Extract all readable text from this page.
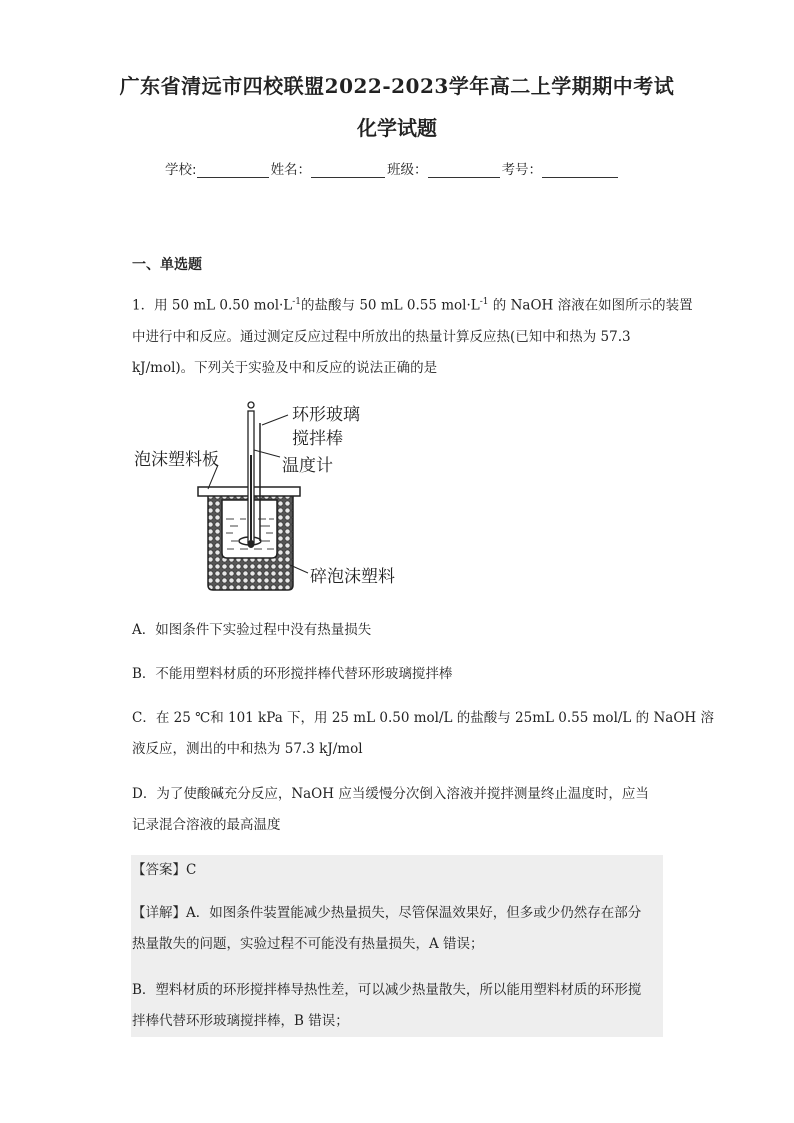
广东省清远市四校联盟2022-2023学年高二上学期期中考试
化学试题
学校:	姓名：	班级：	考号：
一、单选题
1．用 50 mL 0.50 $mol\cdot L^{-1}$的盐酸与 50 mL 0.55 $mol\cdot L^{-1}$ 的 NaOH 溶液在如图所示的装置
中进行中和反应。通过测定反应过程中所放出的热量计算反应热(已知中和热为 57.3
kJ/mol)。下列关于实验及中和反应的说法正确的是
环形玻璃
搅拌棒
泡沫塑料板	温度计
碎泡沫塑料
A．如图条件下实验过程中没有热量损失
B．不能用塑料材质的环形搅拌棒代替环形玻璃搅拌棒
C．在 25 ℃和 101 kPa 下，用 25 mL 0.50 mol/L 的盐酸与 25mL 0.55 mol/L 的 NaOH 溶
液反应，测出的中和热为 57.3 kJ/mol
D．为了使酸碱充分反应，NaOH 应当缓慢分次倒入溶液并搅拌测量终止温度时，应当
记录混合溶液的最高温度
【答案】C
【详解】A．如图条件装置能减少热量损失，尽管保温效果好，但多或少仍然存在部分
热量散失的问题，实验过程不可能没有热量损失，A 错误；
B．塑料材质的环形搅拌棒导热性差，可以减少热量散失，所以能用塑料材质的环形搅
拌棒代替环形玻璃搅拌棒，B 错误；
